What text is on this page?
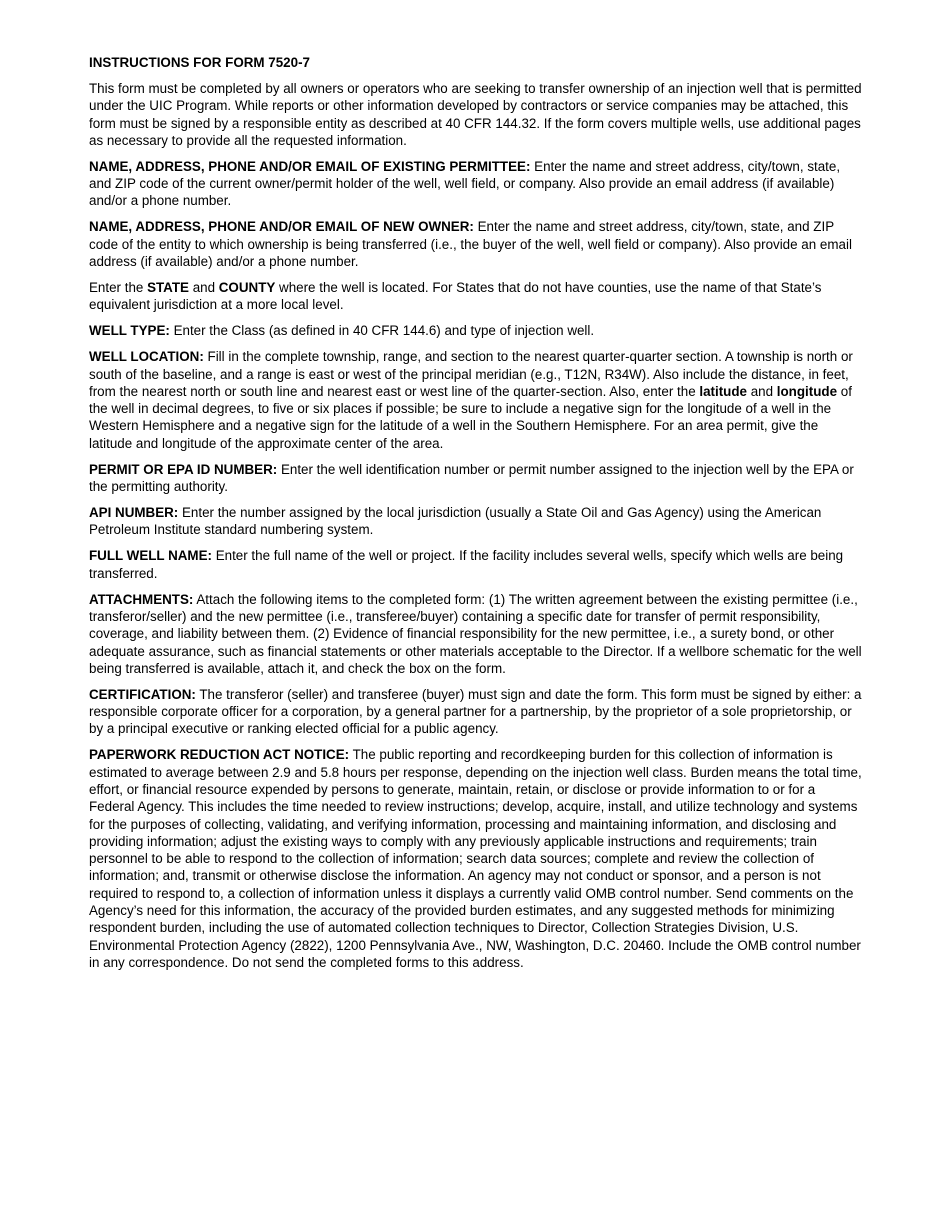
INSTRUCTIONS FOR FORM 7520-7

This form must be completed by all owners or operators who are seeking to transfer ownership of an injection well that is permitted under the UIC Program. While reports or other information developed by contractors or service companies may be attached, this form must be signed by a responsible entity as described at 40 CFR 144.32. If the form covers multiple wells, use additional pages as necessary to provide all the requested information.

NAME, ADDRESS, PHONE AND/OR EMAIL OF EXISTING PERMITTEE: Enter the name and street address, city/town, state, and ZIP code of the current owner/permit holder of the well, well field, or company. Also provide an email address (if available) and/or a phone number.

NAME, ADDRESS, PHONE AND/OR EMAIL OF NEW OWNER: Enter the name and street address, city/town, state, and ZIP code of the entity to which ownership is being transferred (i.e., the buyer of the well, well field or company). Also provide an email address (if available) and/or a phone number.

Enter the STATE and COUNTY where the well is located. For States that do not have counties, use the name of that State’s equivalent jurisdiction at a more local level.

WELL TYPE: Enter the Class (as defined in 40 CFR 144.6) and type of injection well.

WELL LOCATION: Fill in the complete township, range, and section to the nearest quarter-quarter section. A township is north or south of the baseline, and a range is east or west of the principal meridian (e.g., T12N, R34W). Also include the distance, in feet, from the nearest north or south line and nearest east or west line of the quarter-section. Also, enter the latitude and longitude of the well in decimal degrees, to five or six places if possible; be sure to include a negative sign for the longitude of a well in the Western Hemisphere and a negative sign for the latitude of a well in the Southern Hemisphere. For an area permit, give the latitude and longitude of the approximate center of the area.

PERMIT OR EPA ID NUMBER: Enter the well identification number or permit number assigned to the injection well by the EPA or the permitting authority.

API NUMBER: Enter the number assigned by the local jurisdiction (usually a State Oil and Gas Agency) using the American Petroleum Institute standard numbering system.

FULL WELL NAME: Enter the full name of the well or project. If the facility includes several wells, specify which wells are being transferred.

ATTACHMENTS: Attach the following items to the completed form: (1) The written agreement between the existing permittee (i.e., transferor/seller) and the new permittee (i.e., transferee/buyer) containing a specific date for transfer of permit responsibility, coverage, and liability between them. (2) Evidence of financial responsibility for the new permittee, i.e., a surety bond, or other adequate assurance, such as financial statements or other materials acceptable to the Director. If a wellbore schematic for the well being transferred is available, attach it, and check the box on the form.

CERTIFICATION: The transferor (seller) and transferee (buyer) must sign and date the form. This form must be signed by either: a responsible corporate officer for a corporation, by a general partner for a partnership, by the proprietor of a sole proprietorship, or by a principal executive or ranking elected official for a public agency.

PAPERWORK REDUCTION ACT NOTICE: The public reporting and recordkeeping burden for this collection of information is estimated to average between 2.9 and 5.8 hours per response, depending on the injection well class. Burden means the total time, effort, or financial resource expended by persons to generate, maintain, retain, or disclose or provide information to or for a Federal Agency. This includes the time needed to review instructions; develop, acquire, install, and utilize technology and systems for the purposes of collecting, validating, and verifying information, processing and maintaining information, and disclosing and providing information; adjust the existing ways to comply with any previously applicable instructions and requirements; train personnel to be able to respond to the collection of information; search data sources; complete and review the collection of information; and, transmit or otherwise disclose the information. An agency may not conduct or sponsor, and a person is not required to respond to, a collection of information unless it displays a currently valid OMB control number. Send comments on the Agency’s need for this information, the accuracy of the provided burden estimates, and any suggested methods for minimizing respondent burden, including the use of automated collection techniques to Director, Collection Strategies Division, U.S. Environmental Protection Agency (2822), 1200 Pennsylvania Ave., NW, Washington, D.C. 20460. Include the OMB control number in any correspondence. Do not send the completed forms to this address.
